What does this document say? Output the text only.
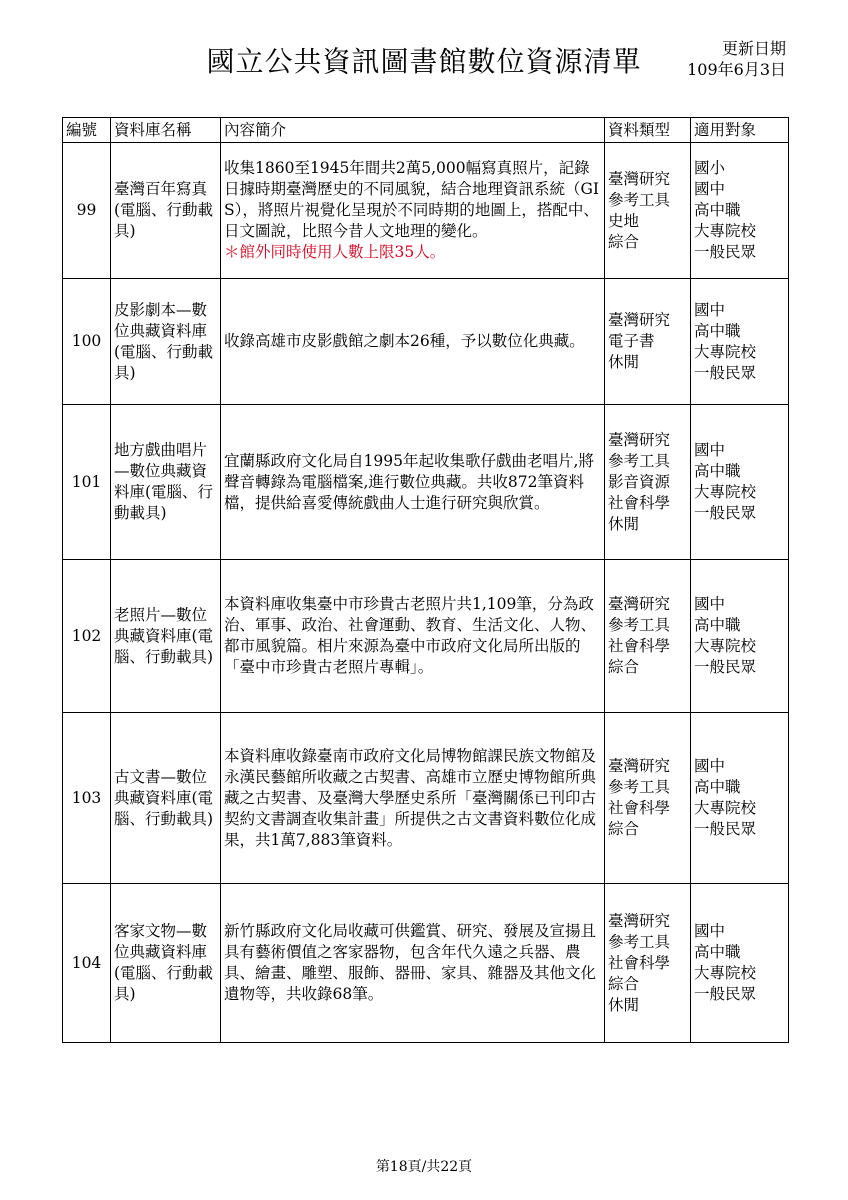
國立公共資訊圖書館數位資源清單	更新日期
109年6月3日
編號	資料庫名稱	內容簡介	資料類型	適用對象
99	臺灣百年寫真(電腦、行動載具)	收集1860至1945年間共2萬5,000幅寫真照片，記錄日據時期臺灣歷史的不同風貌，結合地理資訊系統（GIS），將照片視覺化呈現於不同時期的地圖上，搭配中、日文圖說，比照今昔人文地理的變化。
＊館外同時使用人數上限35人。	臺灣研究
參考工具
史地
綜合	國小
國中
高中職
大專院校
一般民眾

100	皮影劇本—數位典藏資料庫(電腦、行動載具)	收錄高雄市皮影戲館之劇本26種，予以數位化典藏。	臺灣研究
電子書
休閒	國中
高中職
大專院校
一般民眾

101	地方戲曲唱片—數位典藏資料庫(電腦、行動載具)	宜蘭縣政府文化局自1995年起收集歌仔戲曲老唱片,將聲音轉錄為電腦檔案,進行數位典藏。共收872筆資料檔，提供給喜愛傳統戲曲人士進行研究與欣賞。	臺灣研究
參考工具
影音資源
社會科學
休閒	國中
高中職
大專院校
一般民眾

102	老照片—數位典藏資料庫(電腦、行動載具)	本資料庫收集臺中市珍貴古老照片共1,109筆，分為政治、軍事、政治、社會運動、教育、生活文化、人物、都市風貌篇。相片來源為臺中市政府文化局所出版的「臺中市珍貴古老照片專輯」。	臺灣研究
參考工具
社會科學
綜合	國中
高中職
大專院校
一般民眾

103	古文書—數位典藏資料庫(電腦、行動載具)	本資料庫收錄臺南市政府文化局博物館課民族文物館及永漢民藝館所收藏之古契書、高雄市立歷史博物館所典藏之古契書、及臺灣大學歷史系所「臺灣關係已刊印古契約文書調查收集計畫」所提供之古文書資料數位化成果，共1萬7,883筆資料。	臺灣研究
參考工具
社會科學
綜合	國中
高中職
大專院校
一般民眾

104	客家文物—數位典藏資料庫(電腦、行動載具)	新竹縣政府文化局收藏可供鑑賞、研究、發展及宣揚且具有藝術價值之客家器物，包含年代久遠之兵器、農具、繪畫、雕塑、服飾、器冊、家具、雜器及其他文化遺物等，共收錄68筆。	臺灣研究
參考工具
社會科學
綜合
休閒	國中
高中職
大專院校
一般民眾
第18頁/共22頁
